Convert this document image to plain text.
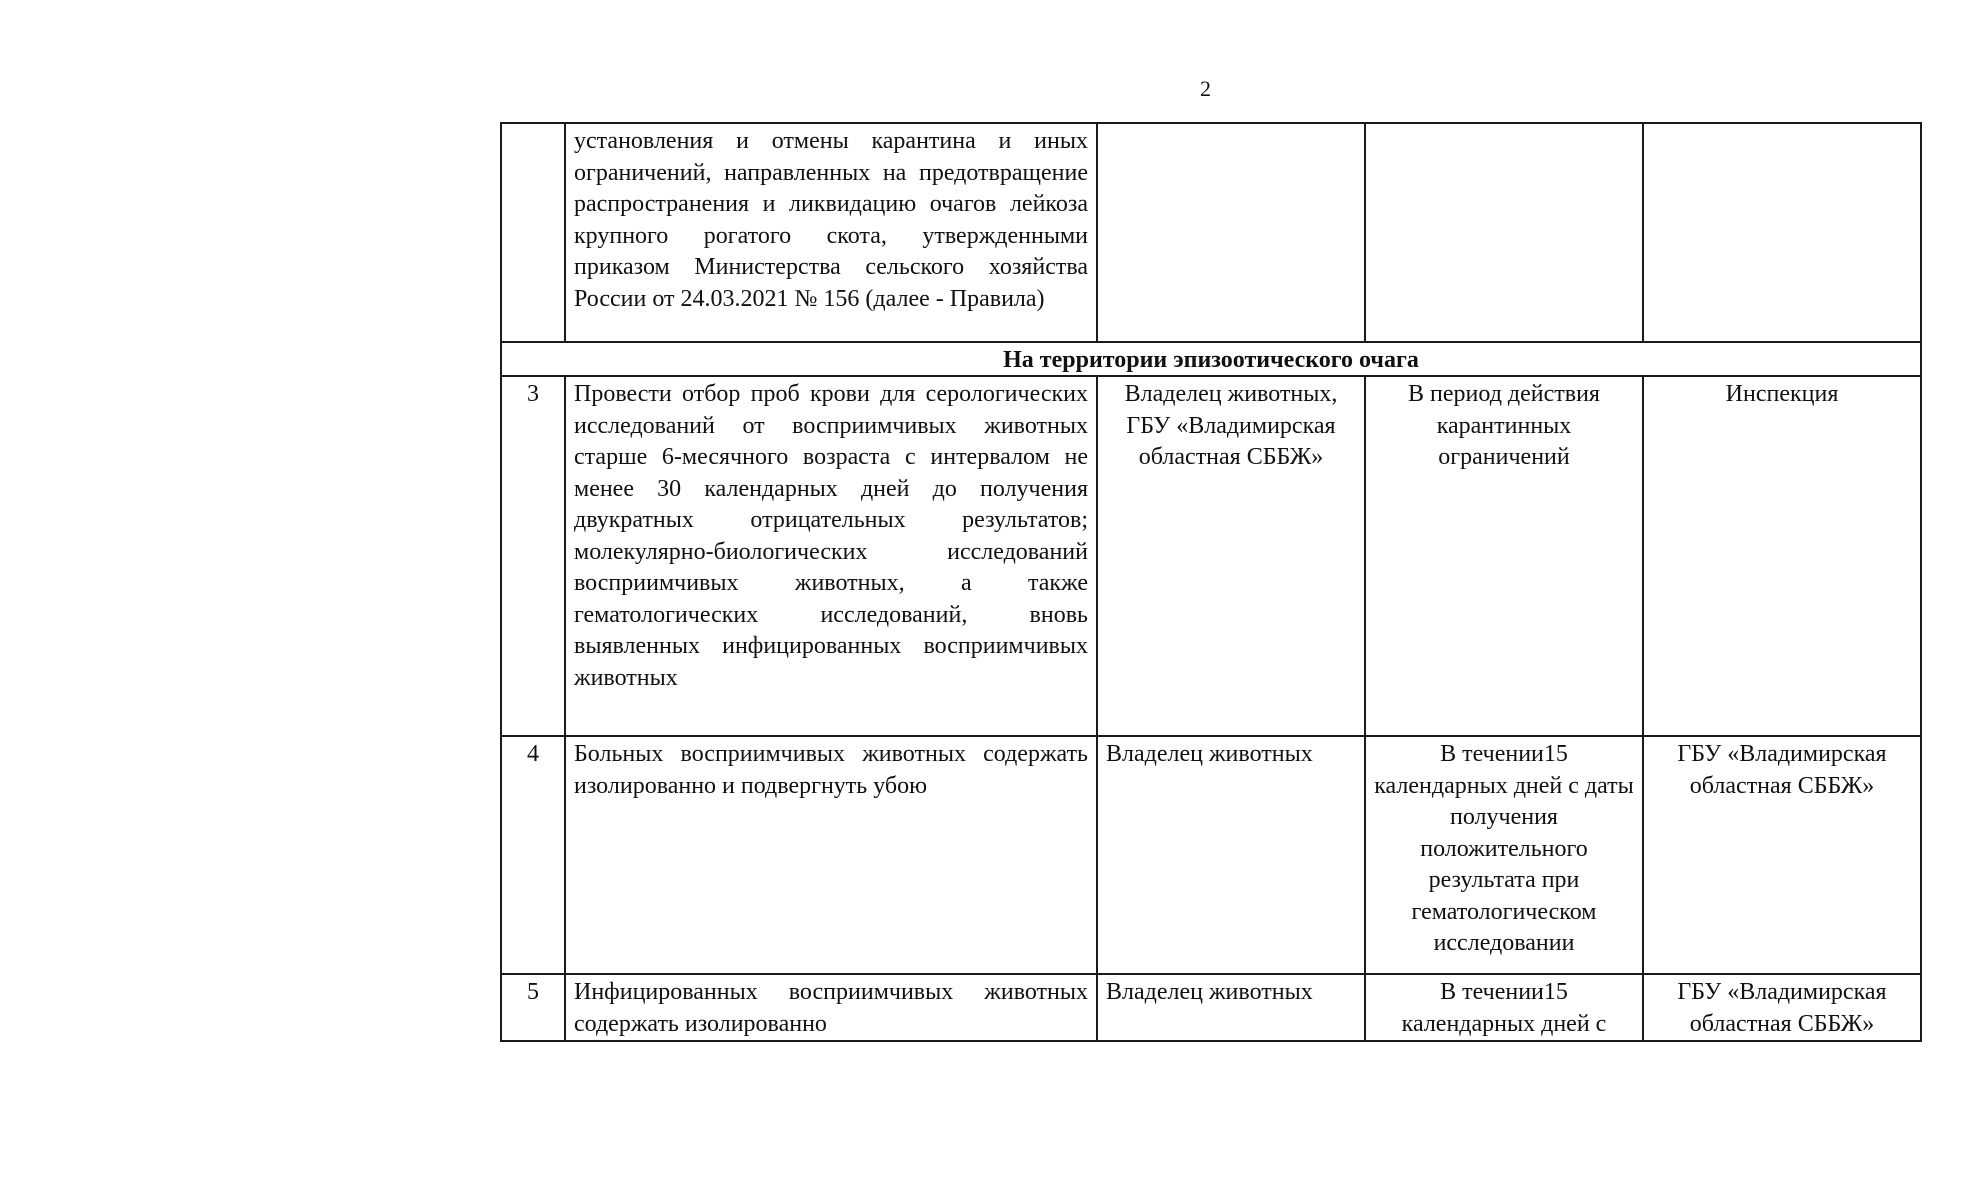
2
	установления и отмены карантина и иных ограничений, направленных на предотвращение распространения и ликвидацию очагов лейкоза крупного рогатого скота, утвержденными приказом Министерства сельского хозяйства России от 24.03.2021 № 156 (далее - Правила)			
На территории эпизоотического очага				
3	Провести отбор проб крови для серологических исследований от восприимчивых животных старше 6-месячного возраста с интервалом не менее 30 календарных дней до получения двукратных отрицательных результатов; молекулярно-биологических исследований восприимчивых животных, а также гематологических исследований, вновь выявленных инфицированных восприимчивых животных	Владелец животных, ГБУ «Владимирская областная СББЖ»	В период действия карантинных ограничений	Инспекция
4	Больных восприимчивых животных содержать изолированно и подвергнуть убою	Владелец животных	В течении15 календарных дней с даты получения положительного результата при гематологическом исследовании	ГБУ «Владимирская областная СББЖ»
5	Инфицированных восприимчивых животных содержать изолированно	Владелец животных	В течении15 календарных дней с	ГБУ «Владимирская областная СББЖ»
